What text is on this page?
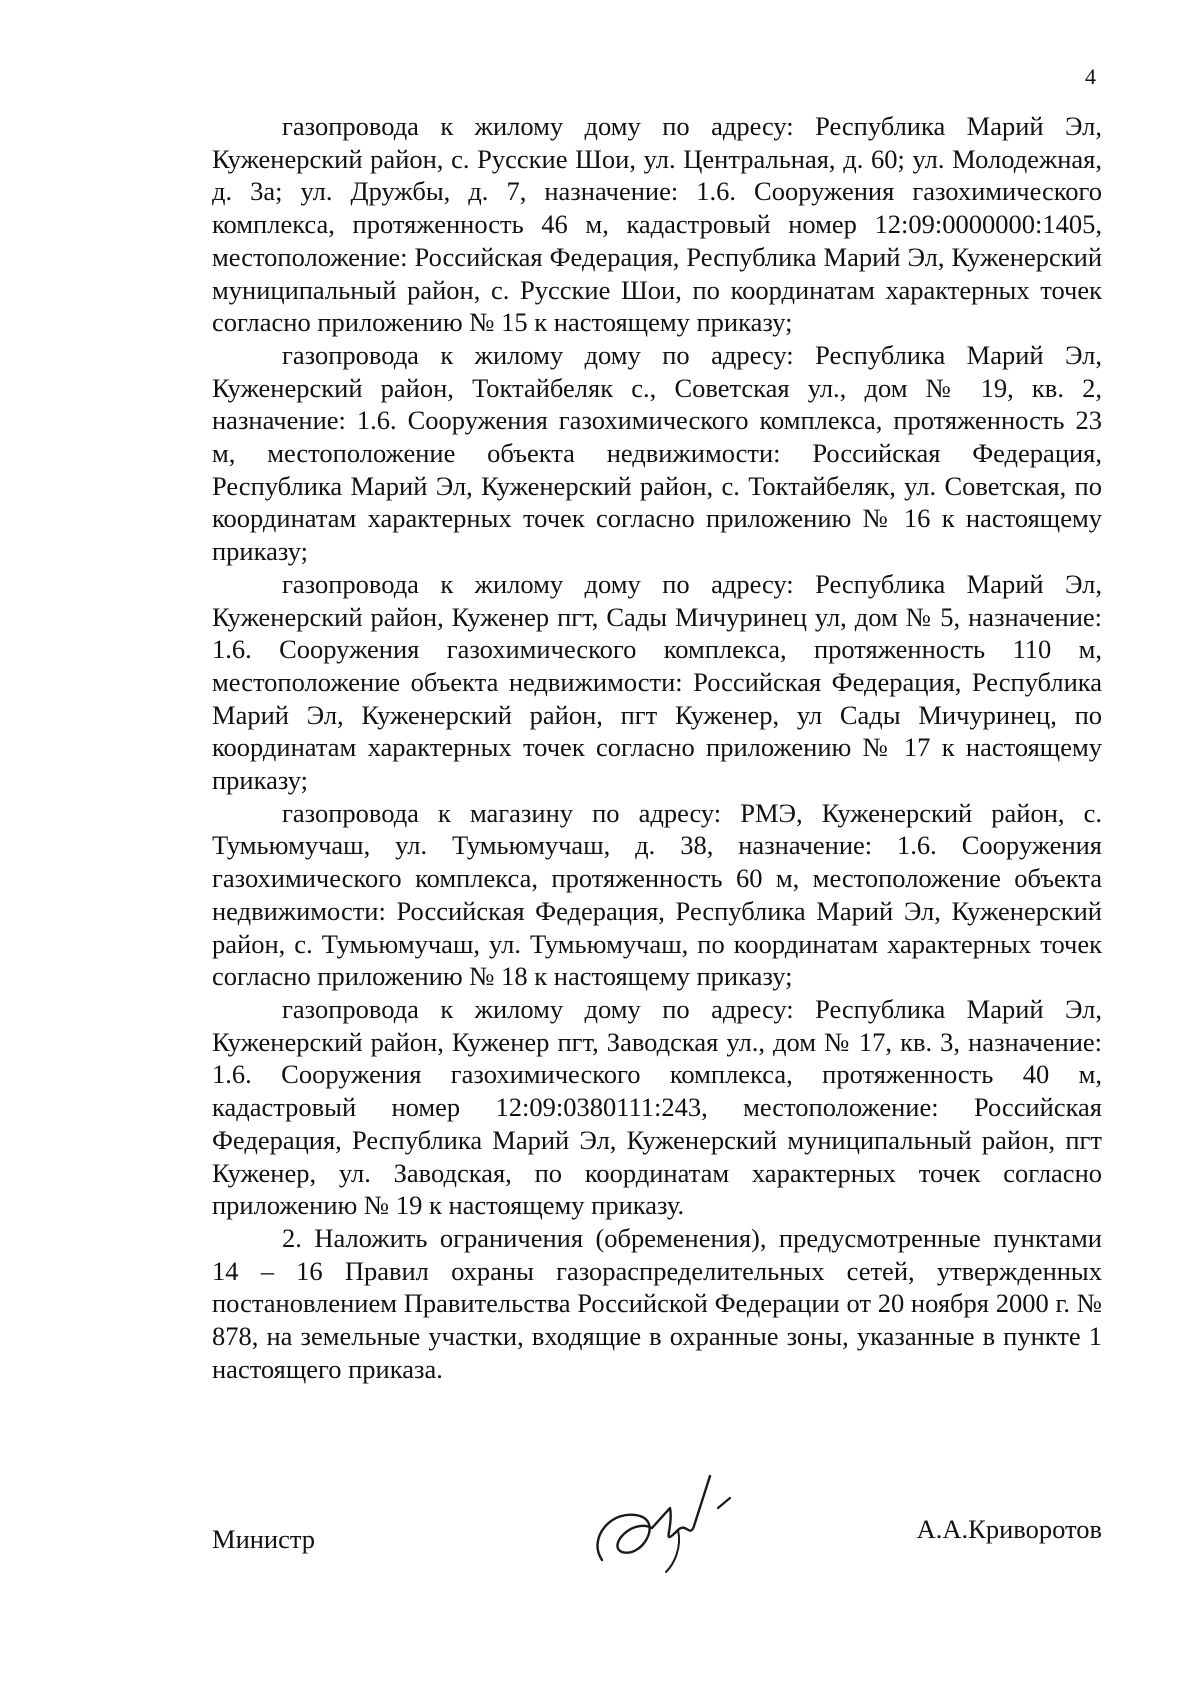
4

газопровода к жилому дому по адресу: Республика Марий Эл, Куженерский район, с. Русские Шои, ул. Центральная, д. 60; ул. Молодежная, д. 3а; ул. Дружбы, д. 7, назначение: 1.6. Сооружения газохимического комплекса, протяженность 46 м, кадастровый номер 12:09:0000000:1405, местоположение: Российская Федерация, Республика Марий Эл, Куженерский муниципальный район, с. Русские Шои, по координатам характерных точек согласно приложению № 15 к настоящему приказу;

газопровода к жилому дому по адресу: Республика Марий Эл, Куженерский район, Токтайбеляк с., Советская ул., дом № 19, кв. 2, назначение: 1.6. Сооружения газохимического комплекса, протяженность 23 м, местоположение объекта недвижимости: Российская Федерация, Республика Марий Эл, Куженерский район, с. Токтайбеляк, ул. Советская, по координатам характерных точек согласно приложению № 16 к настоящему приказу;

газопровода к жилому дому по адресу: Республика Марий Эл, Куженерский район, Куженер пгт, Сады Мичуринец ул, дом № 5, назначение: 1.6. Сооружения газохимического комплекса, протяженность 110 м, местоположение объекта недвижимости: Российская Федерация, Республика Марий Эл, Куженерский район, пгт Куженер, ул Сады Мичуринец, по координатам характерных точек согласно приложению № 17 к настоящему приказу;

газопровода к магазину по адресу: РМЭ, Куженерский район, с. Тумьюмучаш, ул. Тумьюмучаш, д. 38, назначение: 1.6. Сооружения газохимического комплекса, протяженность 60 м, местоположение объекта недвижимости: Российская Федерация, Республика Марий Эл, Куженерский район, с. Тумьюмучаш, ул. Тумьюмучаш, по координатам характерных точек согласно приложению № 18 к настоящему приказу;

газопровода к жилому дому по адресу: Республика Марий Эл, Куженерский район, Куженер пгт, Заводская ул., дом № 17, кв. 3, назначение: 1.6. Сооружения газохимического комплекса, протяженность 40 м, кадастровый номер 12:09:0380111:243, местоположение: Российская Федерация, Республика Марий Эл, Куженерский муниципальный район, пгт Куженер, ул. Заводская, по координатам характерных точек согласно приложению № 19 к настоящему приказу.

2. Наложить ограничения (обременения), предусмотренные пунктами 14 – 16 Правил охраны газораспределительных сетей, утвержденных постановлением Правительства Российской Федерации от 20 ноября 2000 г. № 878, на земельные участки, входящие в охранные зоны, указанные в пункте 1 настоящего приказа.

Министр	А.А.Криворотов
